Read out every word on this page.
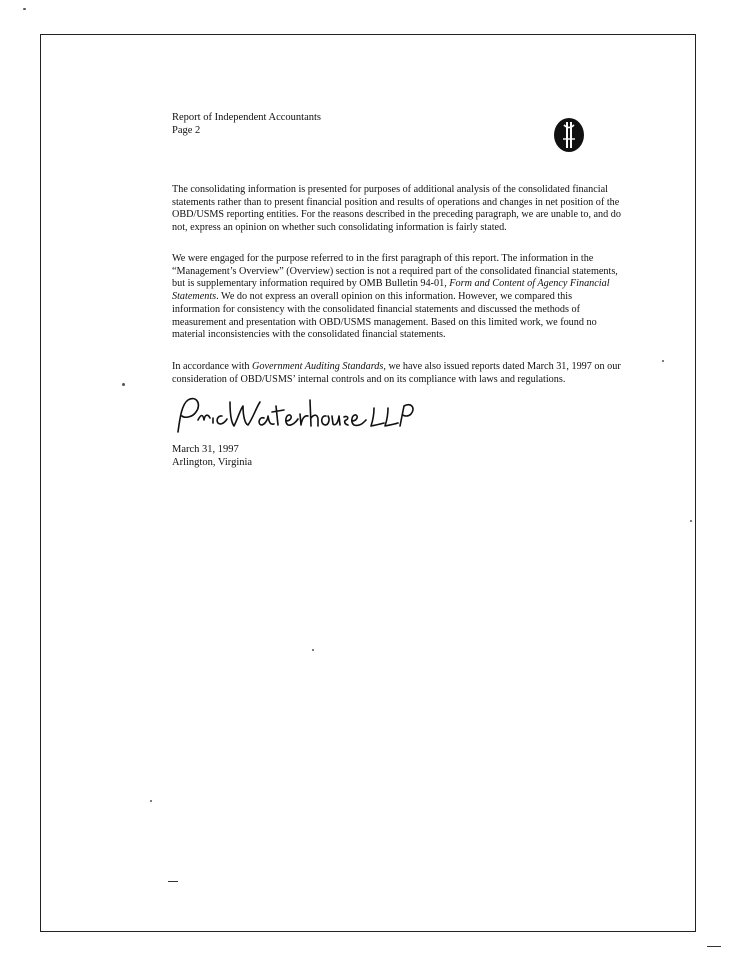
Report of Independent Accountants
Page 2
The consolidating information is presented for purposes of additional analysis of the consolidated financial statements rather than to present financial position and results of operations and changes in net position of the OBD/USMS reporting entities. For the reasons described in the preceding paragraph, we are unable to, and do not, express an opinion on whether such consolidating information is fairly stated.
We were engaged for the purpose referred to in the first paragraph of this report. The information in the “Management’s Overview” (Overview) section is not a required part of the consolidated financial statements, but is supplementary information required by OMB Bulletin 94-01, Form and Content of Agency Financial Statements. We do not express an overall opinion on this information. However, we compared this information for consistency with the consolidated financial statements and discussed the methods of measurement and presentation with OBD/USMS management. Based on this limited work, we found no material inconsistencies with the consolidated financial statements.
In accordance with Government Auditing Standards, we have also issued reports dated March 31, 1997 on our consideration of OBD/USMS’ internal controls and on its compliance with laws and regulations.
March 31, 1997
Arlington, Virginia
